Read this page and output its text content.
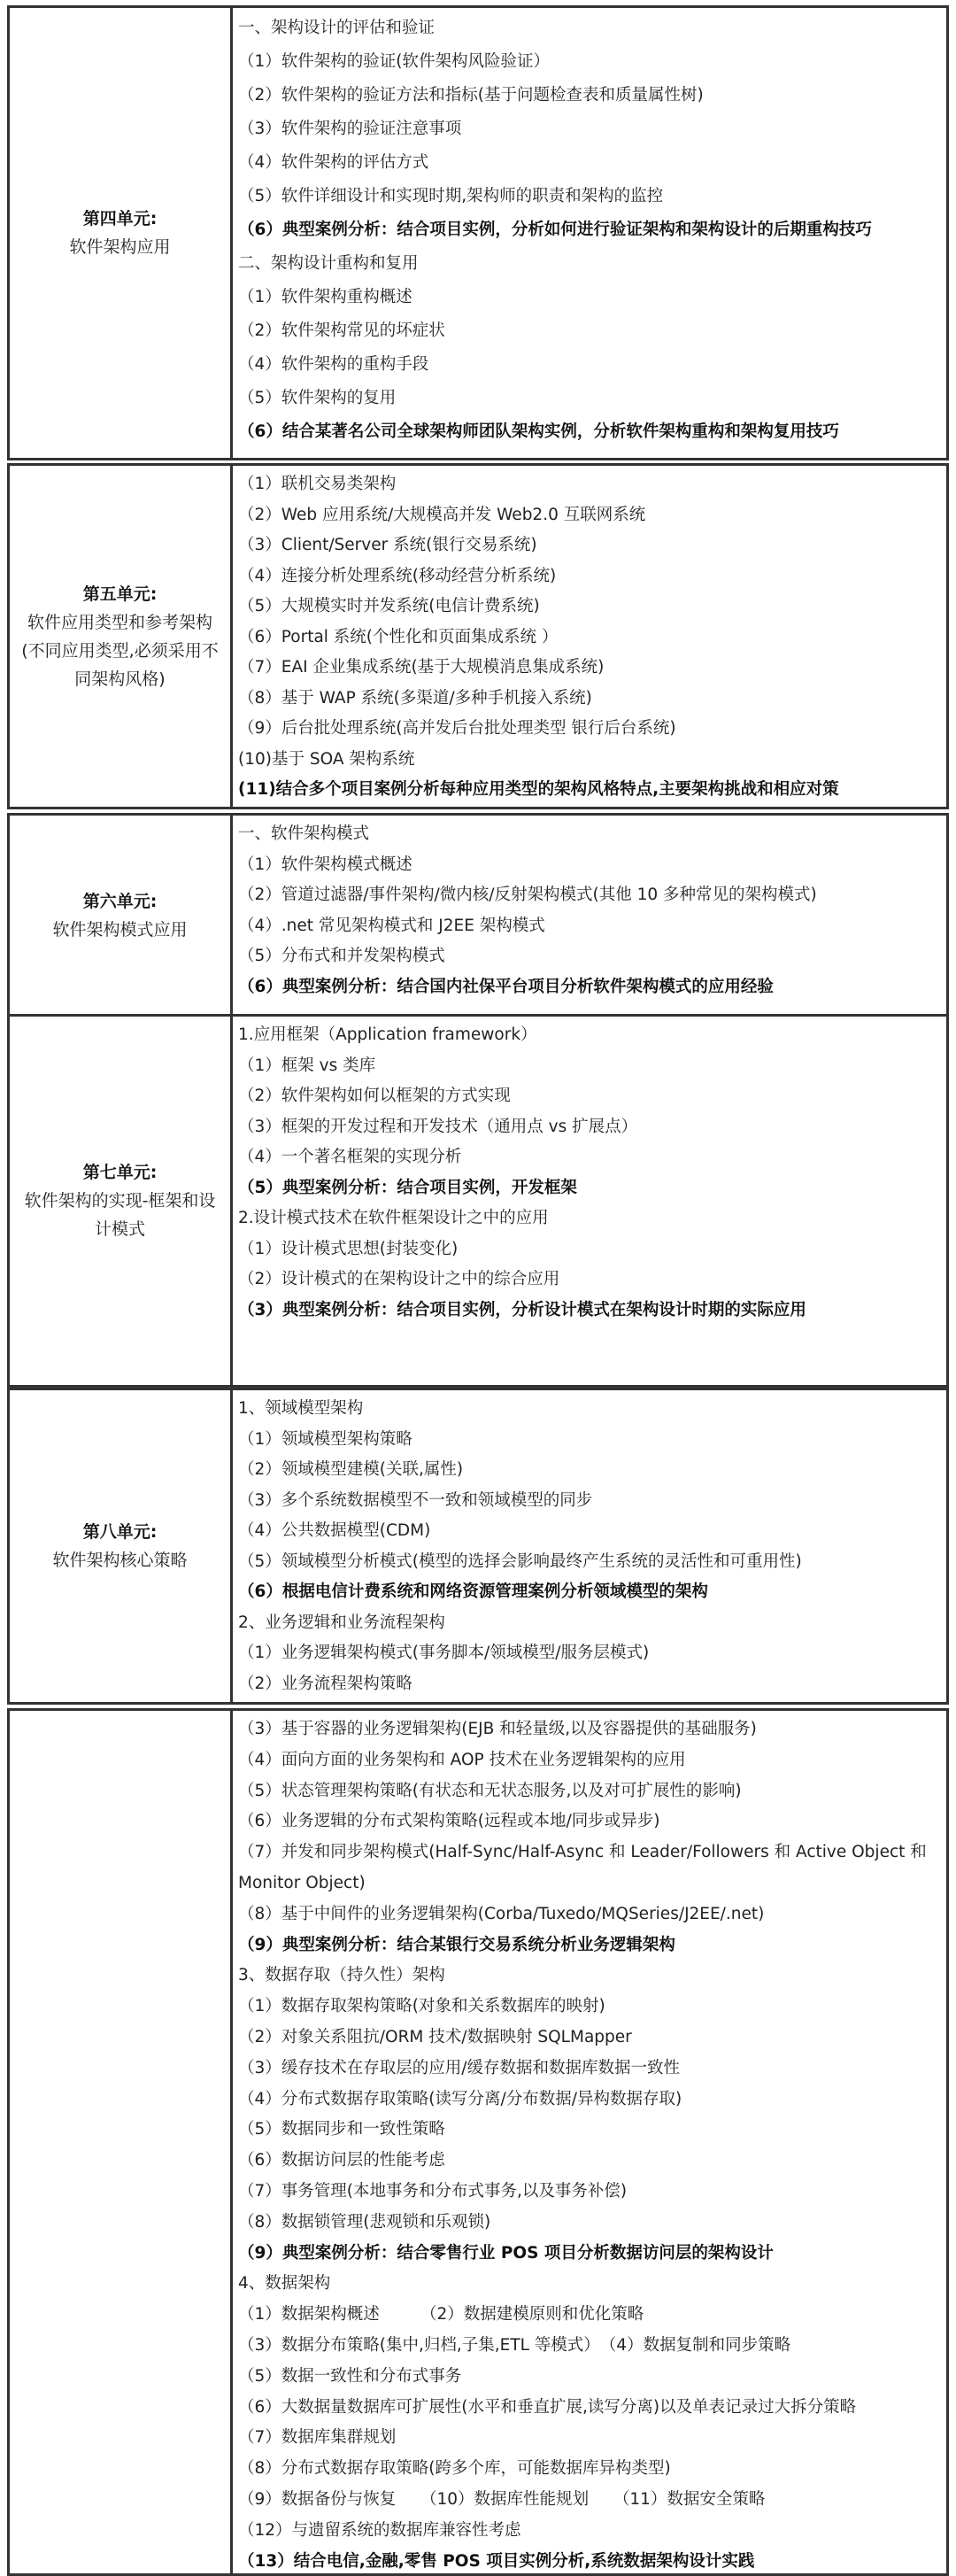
第四单元:
软件架构应用
一、架构设计的评估和验证
（1）软件架构的验证(软件架构风险验证）
（2）软件架构的验证方法和指标(基于问题检查表和质量属性树)
（3）软件架构的验证注意事项
（4）软件架构的评估方式
（5）软件详细设计和实现时期,架构师的职责和架构的监控
（6）典型案例分析：结合项目实例，分析如何进行验证架构和架构设计的后期重构技巧
二、架构设计重构和复用
（1）软件架构重构概述
（2）软件架构常见的坏症状
（4）软件架构的重构手段
（5）软件架构的复用
（6）结合某著名公司全球架构师团队架构实例，分析软件架构重构和架构复用技巧
第五单元:
软件应用类型和参考架构(不同应用类型,必须采用不同架构风格)
（1）联机交易类架构
（2）Web 应用系统/大规模高并发 Web2.0 互联网系统
（3）Client/Server 系统(银行交易系统)
（4）连接分析处理系统(移动经营分析系统)
（5）大规模实时并发系统(电信计费系统)
（6）Portal 系统(个性化和页面集成系统 ）
（7）EAI 企业集成系统(基于大规模消息集成系统)
（8）基于 WAP 系统(多渠道/多种手机接入系统)
（9）后台批处理系统(高并发后台批处理类型 银行后台系统)
(10)基于 SOA 架构系统
(11)结合多个项目案例分析每种应用类型的架构风格特点,主要架构挑战和相应对策
第六单元:
软件架构模式应用
一、软件架构模式
（1）软件架构模式概述
（2）管道过滤器/事件架构/微内核/反射架构模式(其他 10 多种常见的架构模式)
（4）.net 常见架构模式和 J2EE 架构模式
（5）分布式和并发架构模式
（6）典型案例分析：结合国内社保平台项目分析软件架构模式的应用经验
第七单元:
软件架构的实现-框架和设计模式
1.应用框架（Application framework）
（1）框架 vs 类库
（2）软件架构如何以框架的方式实现
（3）框架的开发过程和开发技术（通用点 vs 扩展点）
（4）一个著名框架的实现分析
（5）典型案例分析：结合项目实例，开发框架
2.设计模式技术在软件框架设计之中的应用
（1）设计模式思想(封装变化)
（2）设计模式的在架构设计之中的综合应用
（3）典型案例分析：结合项目实例，分析设计模式在架构设计时期的实际应用
第八单元:
软件架构核心策略
1、领域模型架构
（1）领域模型架构策略
（2）领域模型建模(关联,属性)
（3）多个系统数据模型不一致和领域模型的同步
（4）公共数据模型(CDM)
（5）领域模型分析模式(模型的选择会影响最终产生系统的灵活性和可重用性)
（6）根据电信计费系统和网络资源管理案例分析领域模型的架构
2、业务逻辑和业务流程架构
（1）业务逻辑架构模式(事务脚本/领域模型/服务层模式)
（2）业务流程架构策略
（3）基于容器的业务逻辑架构(EJB 和轻量级,以及容器提供的基础服务)
（4）面向方面的业务架构和 AOP 技术在业务逻辑架构的应用
（5）状态管理架构策略(有状态和无状态服务,以及对可扩展性的影响)
（6）业务逻辑的分布式架构策略(远程或本地/同步或异步)
（7）并发和同步架构模式(Half-Sync/Half-Async 和 Leader/Followers 和 Active Object 和 Monitor Object)
（8）基于中间件的业务逻辑架构(Corba/Tuxedo/MQSeries/J2EE/.net)
（9）典型案例分析：结合某银行交易系统分析业务逻辑架构
3、数据存取（持久性）架构
（1）数据存取架构策略(对象和关系数据库的映射)
（2）对象关系阻抗/ORM 技术/数据映射 SQLMapper
（3）缓存技术在存取层的应用/缓存数据和数据库数据一致性
（4）分布式数据存取策略(读写分离/分布数据/异构数据存取)
（5）数据同步和一致性策略
（6）数据访问层的性能考虑
（7）事务管理(本地事务和分布式事务,以及事务补偿)
（8）数据锁管理(悲观锁和乐观锁)
（9）典型案例分析：结合零售行业 POS 项目分析数据访问层的架构设计
4、数据架构
（1）数据架构概述　　　（2）数据建模原则和优化策略
（3）数据分布策略(集中,归档,子集,ETL 等模式）　（4）数据复制和同步策略
（5）数据一致性和分布式事务
（6）大数据量数据库可扩展性(水平和垂直扩展,读写分离)以及单表记录过大拆分策略
（7）数据库集群规划
（8）分布式数据存取策略(跨多个库，可能数据库异构类型)
（9）数据备份与恢复　　（10）数据库性能规划　　（11）数据安全策略
（12）与遗留系统的数据库兼容性考虑
（13）结合电信,金融,零售 POS 项目实例分析,系统数据架构设计实践
